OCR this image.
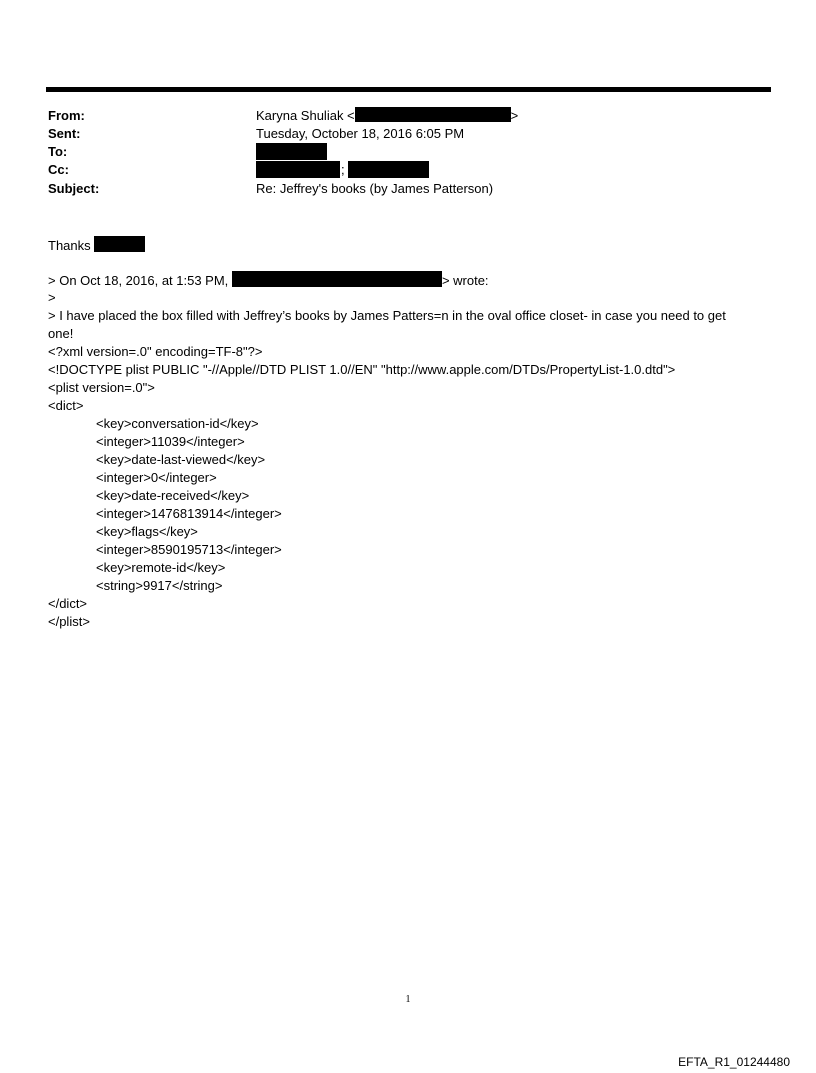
From:	Karyna Shuliak <	>
Sent:	Tuesday, October 18, 2016 6:05 PM
To:
Cc:	;
Subject:	Re: Jeffrey's books (by James Patterson)
Thanks
> On Oct 18, 2016, at 1:53 PM,	> wrote:
>
> I have placed the box filled with Jeffrey’s books by James Patters=n in the oval office closet- in case you need to get
one!
<?xml version=.0" encoding=TF-8"?>
<!DOCTYPE plist PUBLIC "-//Apple//DTD PLIST 1.0//EN" "http://www.apple.com/DTDs/PropertyList-1.0.dtd">
<plist version=.0">
<dict>
<key>conversation-id</key>
<integer>11039</integer>
<key>date-last-viewed</key>
<integer>0</integer>
<key>date-received</key>
<integer>1476813914</integer>
<key>flags</key>
<integer>8590195713</integer>
<key>remote-id</key>
<string>9917</string>
</dict>
</plist>
1
EFTA_R1_01244480
